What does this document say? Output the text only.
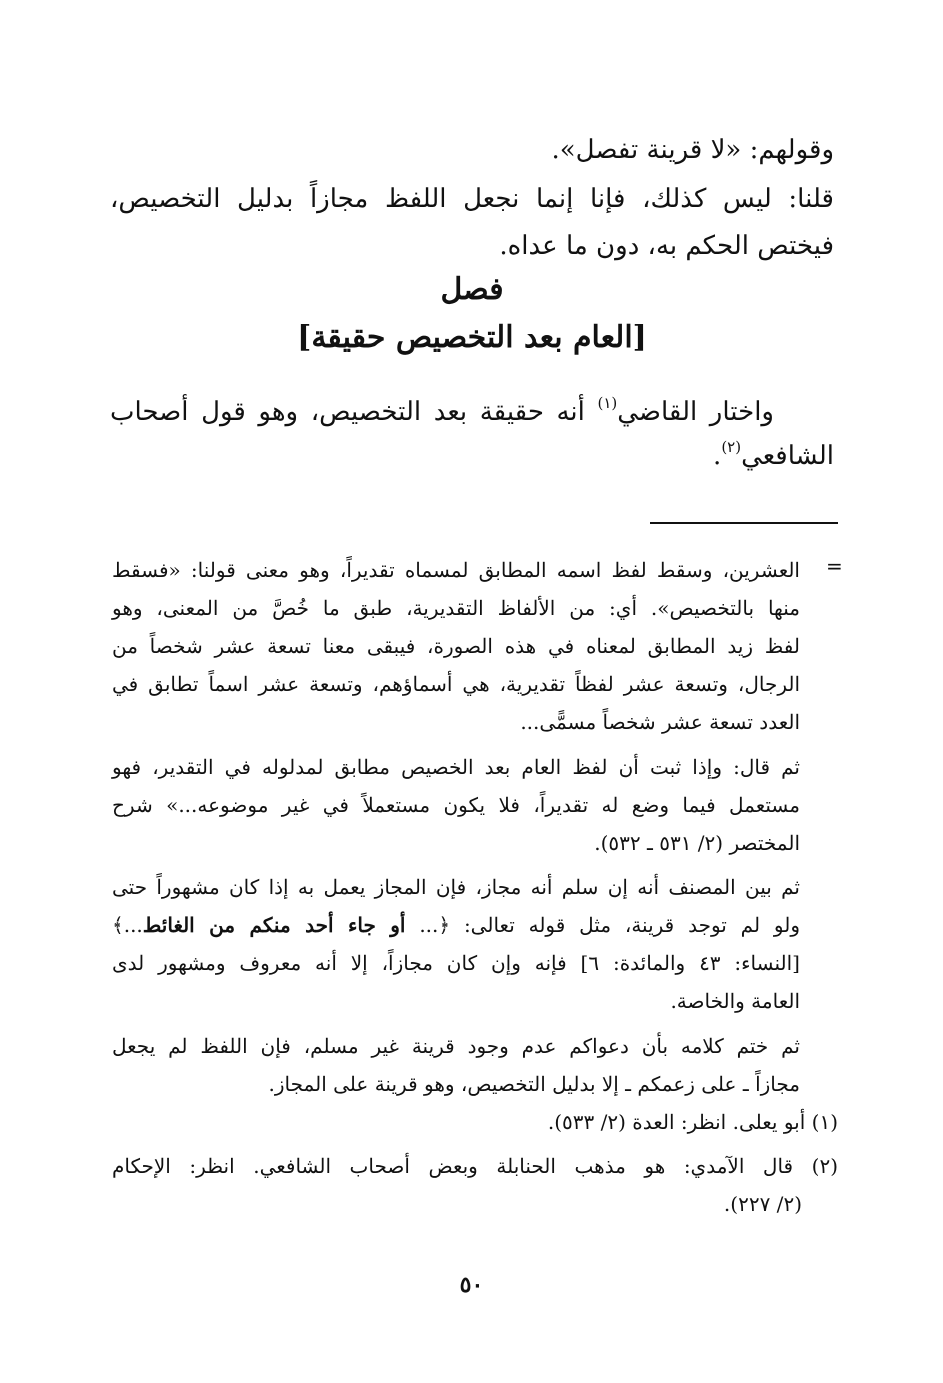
وقولهم: «لا قرينة تفصل».
قلنا: ليس كذلك، فإنا إنما نجعل اللفظ مجازاً بدليل التخصيص،
فيختص الحكم به، دون ما عداه.
فصل
[العام بعد التخصيص حقيقة]
واختار القاضي$^{(١)}$ أنه حقيقة بعد التخصيص، وهو قول أصحاب
الشافعي$^{(٢)}$.
=
العشرين، وسقط لفظ اسمه المطابق لمسماه تقديراً، وهو معنى قولنا: «فسقط
منها بالتخصيص». أي: من الألفاظ التقديرية، طبق ما خُصَّ من المعنى، وهو
لفظ زيد المطابق لمعناه في هذه الصورة، فيبقى معنا تسعة عشر شخصاً من
الرجال، وتسعة عشر لفظاً تقديرية، هي أسماؤهم، وتسعة عشر اسماً تطابق في
العدد تسعة عشر شخصاً مسمًّى...
ثم قال: وإذا ثبت أن لفظ العام بعد الخصيص مطابق لمدلوله في التقدير، فهو
مستعمل فيما وضع له تقديراً، فلا يكون مستعملاً في غير موضوعه...» شرح
المختصر (٢/ ٥٣١ ـ ٥٣٢).
ثم بين المصنف أنه إن سلم أنه مجاز، فإن المجاز يعمل به إذا كان مشهوراً حتى
ولو لم توجد قرينة، مثل قوله تعالى: ﴿... أو جاء أحد منكم من الغائط...﴾
[النساء: ٤٣ والمائدة: ٦] فإنه وإن كان مجازاً، إلا أنه معروف ومشهور لدى
العامة والخاصة.
ثم ختم كلامه بأن دعواكم عدم وجود قرينة غير مسلم، فإن اللفظ لم يجعل
مجازاً ـ على زعمكم ـ إلا بدليل التخصيص، وهو قرينة على المجاز.
(١) أبو يعلى. انظر: العدة (٢/ ٥٣٣).
(٢) قال الآمدي: هو مذهب الحنابلة وبعض أصحاب الشافعي. انظر: الإحكام
(٢/ ٢٢٧).
٥٠
